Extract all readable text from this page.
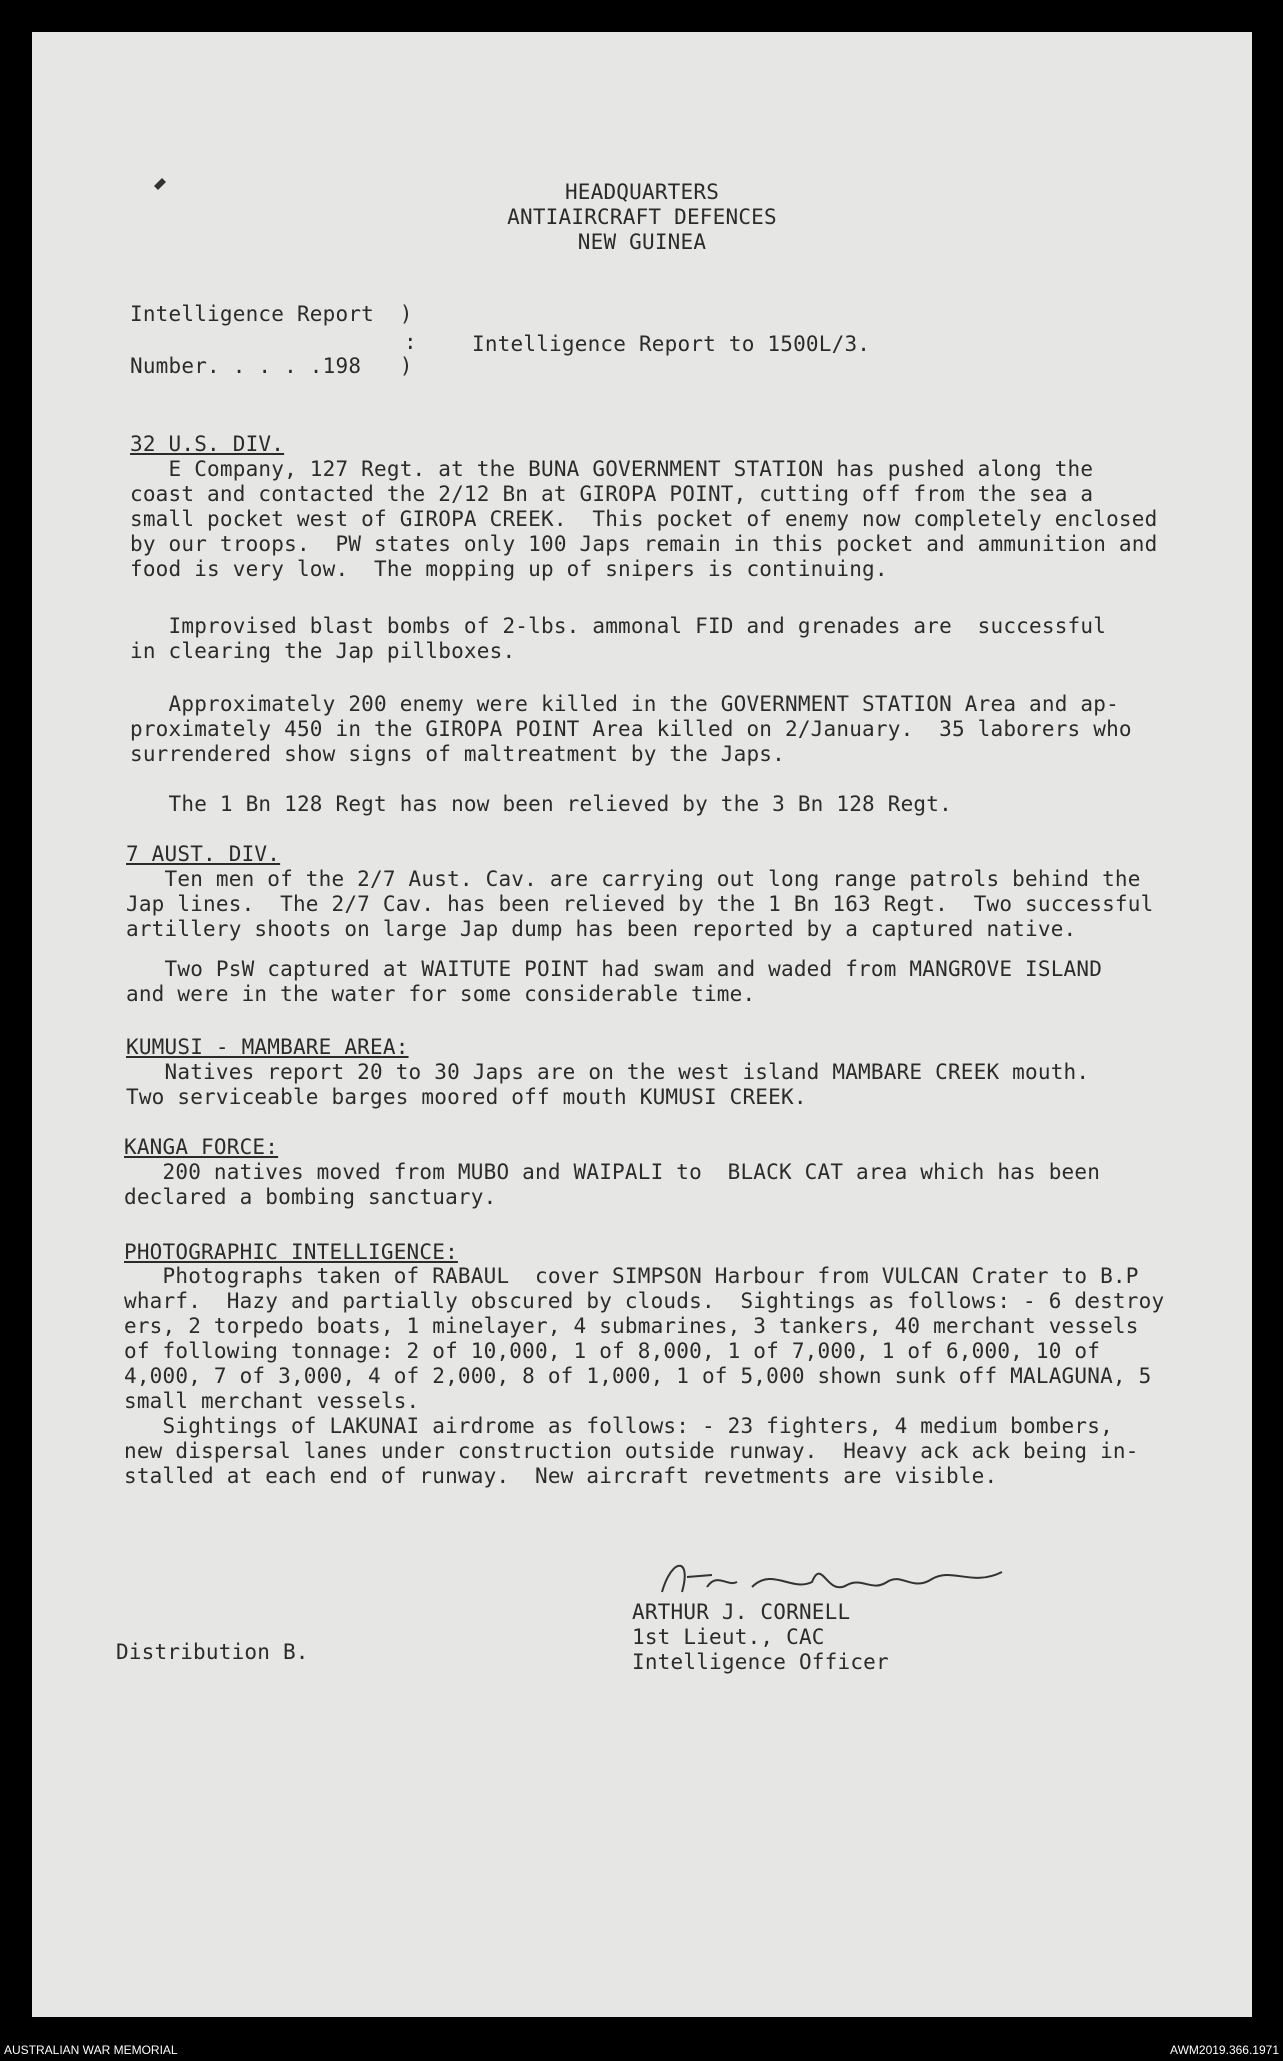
HEADQUARTERS
ANTIAIRCRAFT DEFENCES
NEW GUINEA
Intelligence Report  )
:
Number. . . . .198   )
Intelligence Report to 1500L/3.
32 U.S. DIV.
E Company, 127 Regt. at the BUNA GOVERNMENT STATION has pushed along the
coast and contacted the 2/12 Bn at GIROPA POINT, cutting off from the sea a
small pocket west of GIROPA CREEK.  This pocket of enemy now completely enclosed
by our troops.  PW states only 100 Japs remain in this pocket and ammunition and
food is very low.  The mopping up of snipers is continuing.
Improvised blast bombs of 2-lbs. ammonal FID and grenades are  successful
in clearing the Jap pillboxes.
Approximately 200 enemy were killed in the GOVERNMENT STATION Area and ap-
proximately 450 in the GIROPA POINT Area killed on 2/January.  35 laborers who
surrendered show signs of maltreatment by the Japs.
The 1 Bn 128 Regt has now been relieved by the 3 Bn 128 Regt.
7 AUST. DIV.
Ten men of the 2/7 Aust. Cav. are carrying out long range patrols behind the
Jap lines.  The 2/7 Cav. has been relieved by the 1 Bn 163 Regt.  Two successful
artillery shoots on large Jap dump has been reported by a captured native.
Two PsW captured at WAITUTE POINT had swam and waded from MANGROVE ISLAND
and were in the water for some considerable time.
KUMUSI - MAMBARE AREA:
Natives report 20 to 30 Japs are on the west island MAMBARE CREEK mouth.
Two serviceable barges moored off mouth KUMUSI CREEK.
KANGA FORCE:
200 natives moved from MUBO and WAIPALI to  BLACK CAT area which has been
declared a bombing sanctuary.
PHOTOGRAPHIC INTELLIGENCE:
Photographs taken of RABAUL  cover SIMPSON Harbour from VULCAN Crater to B.P
wharf.  Hazy and partially obscured by clouds.  Sightings as follows: - 6 destroy
ers, 2 torpedo boats, 1 minelayer, 4 submarines, 3 tankers, 40 merchant vessels
of following tonnage: 2 of 10,000, 1 of 8,000, 1 of 7,000, 1 of 6,000, 10 of
4,000, 7 of 3,000, 4 of 2,000, 8 of 1,000, 1 of 5,000 shown sunk off MALAGUNA, 5
small merchant vessels.
Sightings of LAKUNAI airdrome as follows: - 23 fighters, 4 medium bombers,
new dispersal lanes under construction outside runway.  Heavy ack ack being in-
stalled at each end of runway.  New aircraft revetments are visible.
ARTHUR J. CORNELL
1st Lieut., CAC
Intelligence Officer
Distribution B.
AUSTRALIAN WAR MEMORIAL	AWM2019.366.1971
